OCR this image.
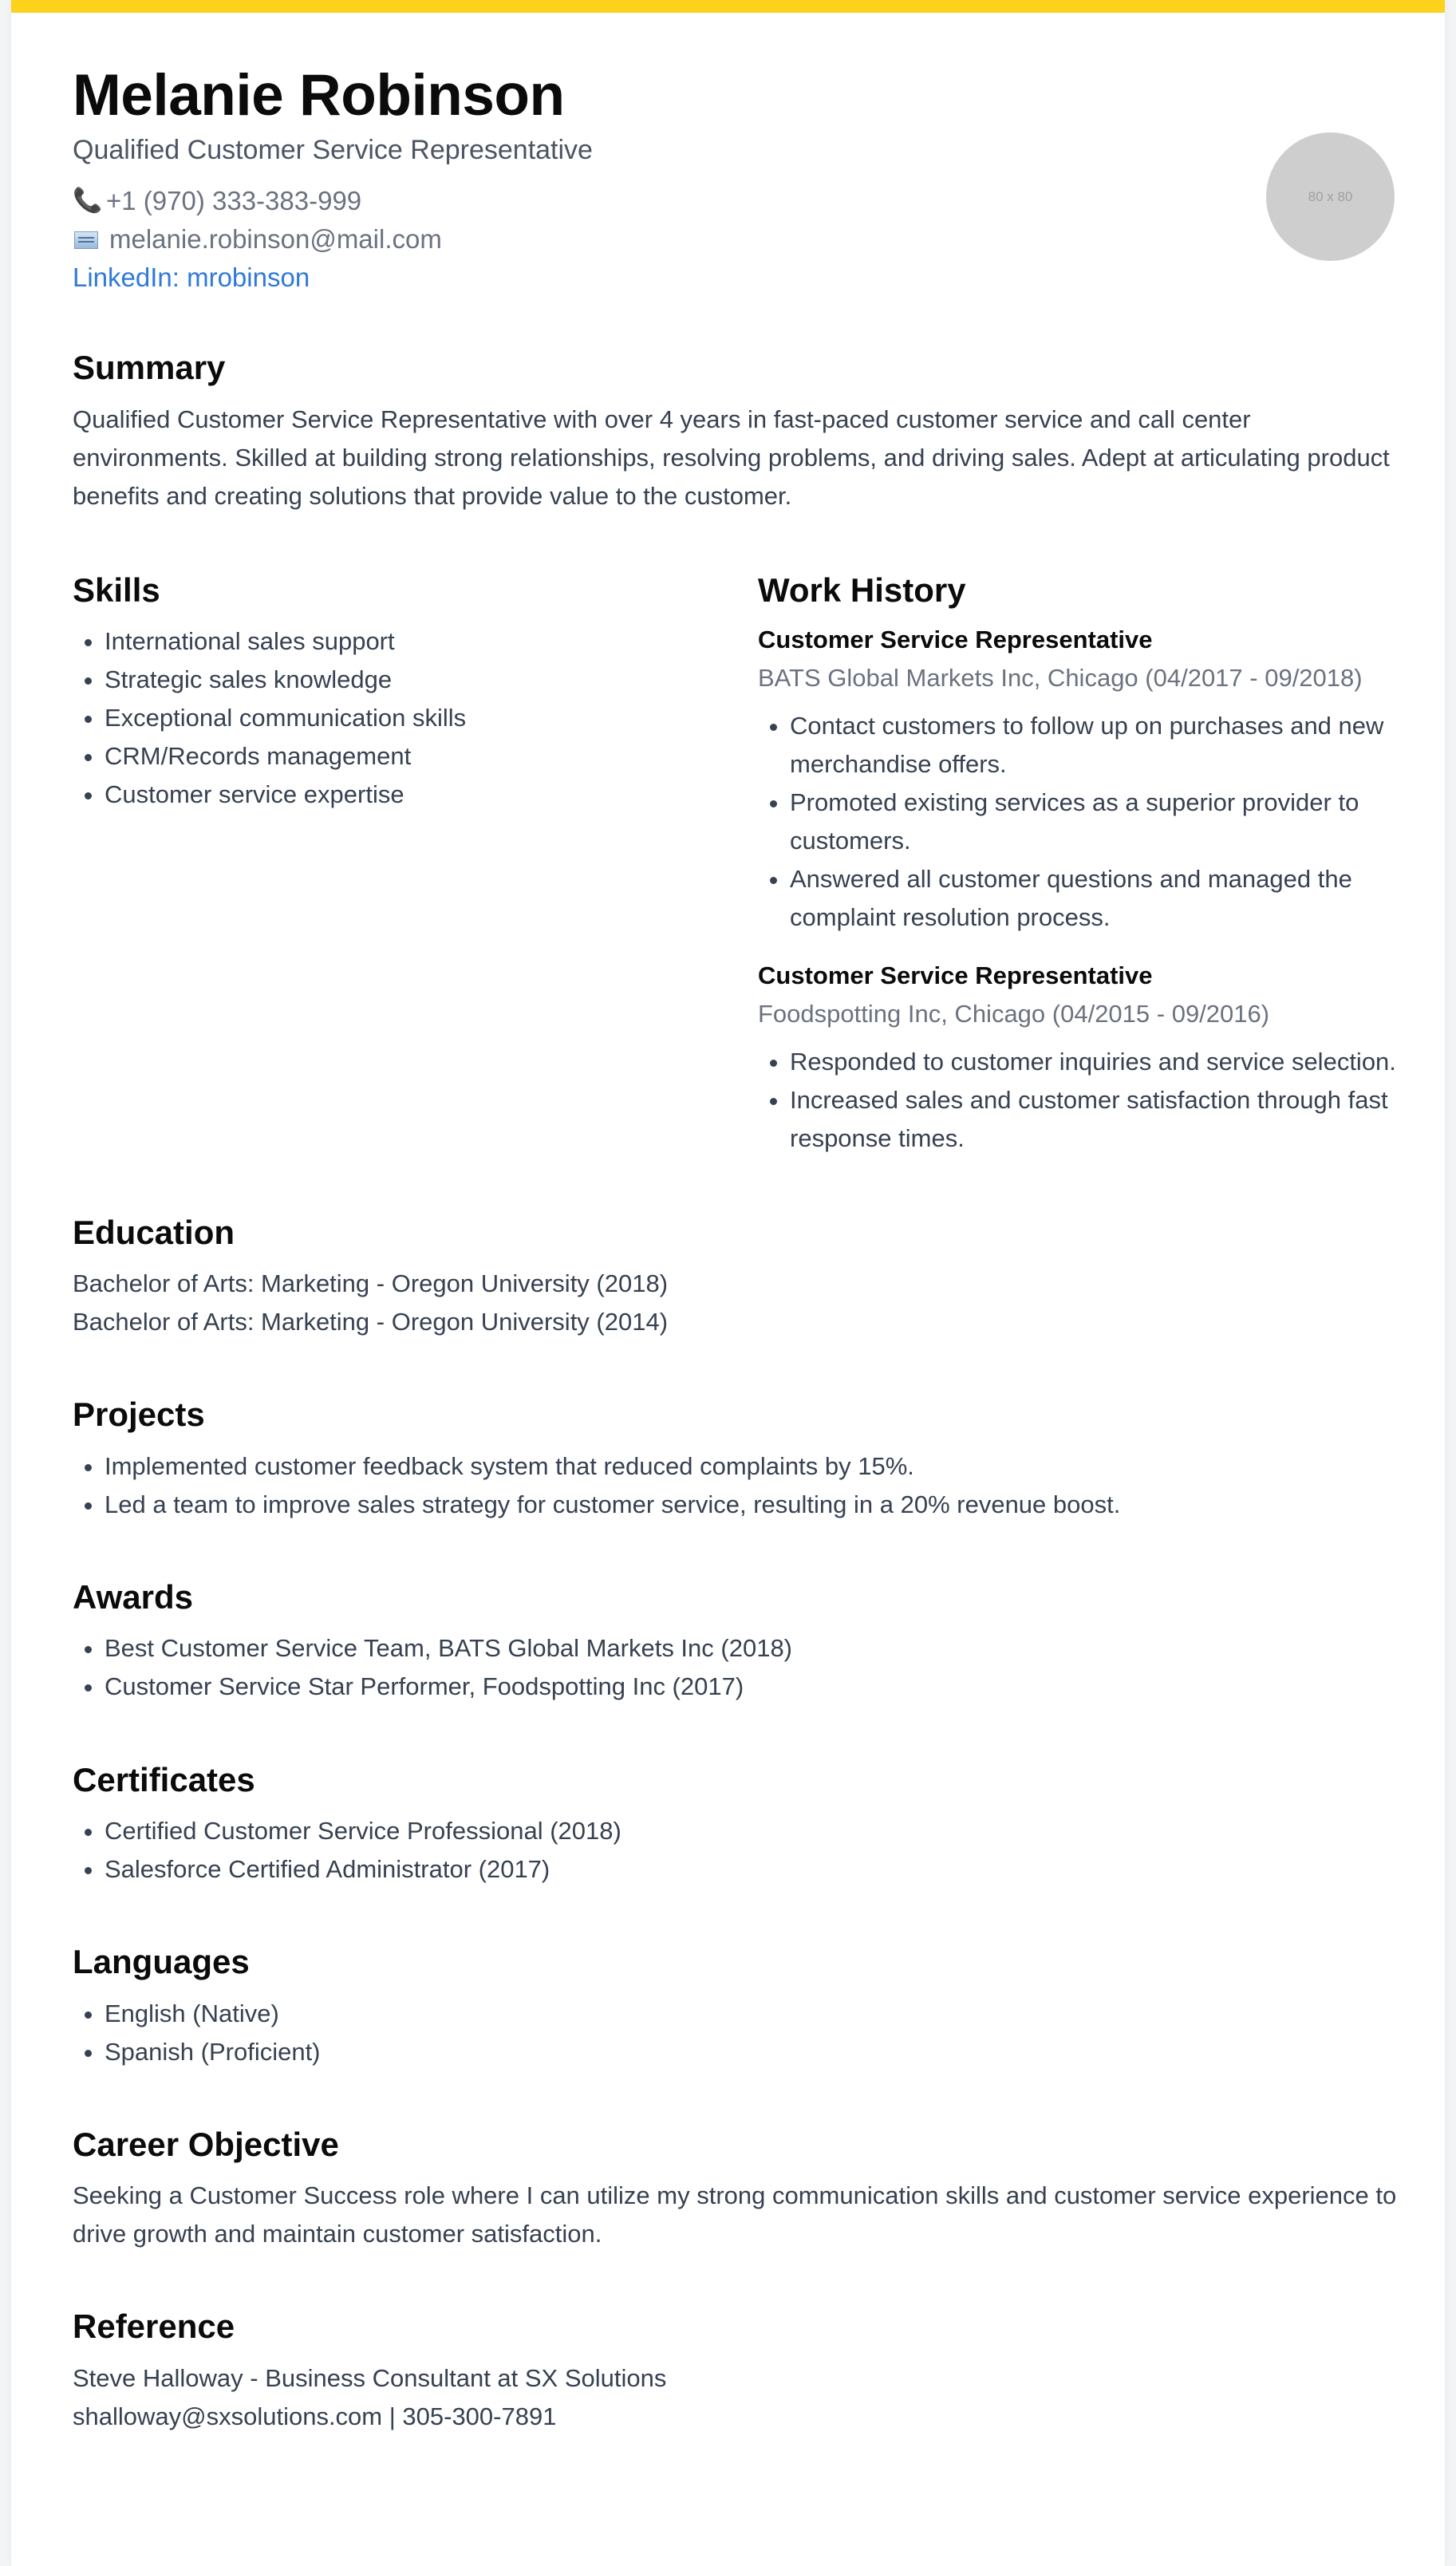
Melanie Robinson
Qualified Customer Service Representative
📞 +1 (970) 333-383-999
melanie.robinson@mail.com
LinkedIn: mrobinson
80 x 80
Summary

Qualified Customer Service Representative with over 4 years in fast-paced customer service and call center environments. Skilled at building strong relationships, resolving problems, and driving sales. Adept at articulating product benefits and creating solutions that provide value to the customer.

Skills
• International sales support
• Strategic sales knowledge
• Exceptional communication skills
• CRM/Records management
• Customer service expertise
Work History
Customer Service Representative
BATS Global Markets Inc, Chicago (04/2017 - 09/2018)
• Contact customers to follow up on purchases and new merchandise offers.
• Promoted existing services as a superior provider to customers.
• Answered all customer questions and managed the complaint resolution process.
Customer Service Representative
Foodspotting Inc, Chicago (04/2015 - 09/2016)
• Responded to customer inquiries and service selection.
• Increased sales and customer satisfaction through fast response times.
Education
Bachelor of Arts: Marketing - Oregon University (2018)
Bachelor of Arts: Marketing - Oregon University (2014)
Projects
• Implemented customer feedback system that reduced complaints by 15%.
• Led a team to improve sales strategy for customer service, resulting in a 20% revenue boost.
Awards
• Best Customer Service Team, BATS Global Markets Inc (2018)
• Customer Service Star Performer, Foodspotting Inc (2017)
Certificates
• Certified Customer Service Professional (2018)
• Salesforce Certified Administrator (2017)
Languages
• English (Native)
• Spanish (Proficient)
Career Objective

Seeking a Customer Success role where I can utilize my strong communication skills and customer service experience to drive growth and maintain customer satisfaction.

Reference
Steve Halloway - Business Consultant at SX Solutions
shalloway@sxsolutions.com | 305-300-7891
